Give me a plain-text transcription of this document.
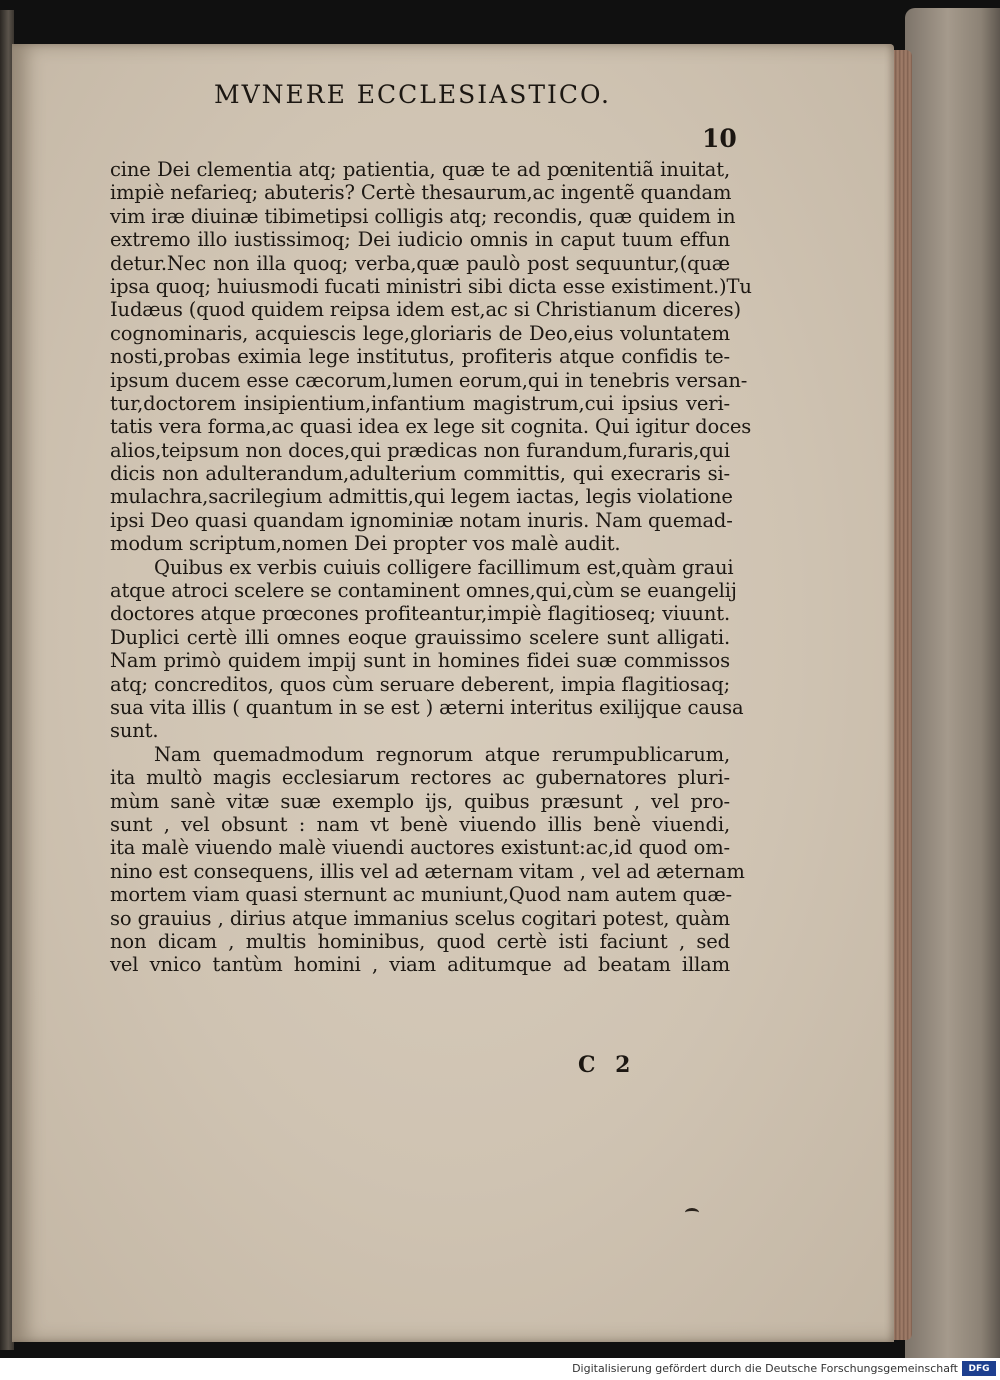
MVNERE ECCLESIASTICO.
10
cine Dei clementia atq; patientia, quæ te ad pœnitentiã inuitat,
impiè nefarieq; abuteris? Certè thesaurum,ac ingentẽ quandam
vim iræ diuinæ tibimetipsi colligis atq; recondis, quæ quidem in
extremo illo iustissimoq; Dei iudicio omnis in caput tuum effun
detur.Nec non illa quoq; verba,quæ paulò post sequuntur,(quæ
ipsa quoq; huiusmodi fucati ministri sibi dicta esse existiment.)Tu
Iudæus (quod quidem reipsa idem est,ac si Christianum diceres)
cognominaris, acquiescis lege,gloriaris de Deo,eius voluntatem
nosti,probas eximia lege institutus, profiteris atque confidis te-
ipsum ducem esse cæcorum,lumen eorum,qui in tenebris versan-
tur,doctorem insipientium,infantium magistrum,cui ipsius veri-
tatis vera forma,ac quasi idea ex lege sit cognita. Qui igitur doces
alios,teipsum non doces,qui prædicas non furandum,furaris,qui
dicis non adulterandum,adulterium committis, qui execraris si-
mulachra,sacrilegium admittis,qui legem iactas, legis violatione
ipsi Deo quasi quandam ignominiæ notam inuris. Nam quemad-
modum scriptum,nomen Dei propter vos malè audit.
Quibus ex verbis cuiuis colligere facillimum est,quàm graui
atque atroci scelere se contaminent omnes,qui,cùm se euangelij
doctores atque prœcones profiteantur,impiè flagitioseq; viuunt.
Duplici certè illi omnes eoque grauissimo scelere sunt alligati.
Nam primò quidem impij sunt in homines fidei suæ commissos
atq; concreditos, quos cùm seruare deberent, impia flagitiosaq;
sua vita illis ( quantum in se est ) æterni interitus exilijque causa
sunt.
Nam quemadmodum regnorum atque rerumpublicarum,
ita multò magis ecclesiarum rectores ac gubernatores pluri-
mùm sanè vitæ suæ exemplo ijs, quibus præsunt , vel pro-
sunt , vel obsunt : nam vt benè viuendo illis benè viuendi,
ita malè viuendo malè viuendi auctores existunt:ac,id quod om-
nino est consequens, illis vel ad æternam vitam , vel ad æternam
mortem viam quasi sternunt ac muniunt,Quod nam autem quæ-
so grauius , dirius atque immanius scelus cogitari potest, quàm
non dicam , multis hominibus, quod certè isti faciunt , sed
vel vnico tantùm homini , viam aditumque ad beatam illam
C 2
Digitalisierung gefördert durch die Deutsche Forschungsgemeinschaft	DFG
